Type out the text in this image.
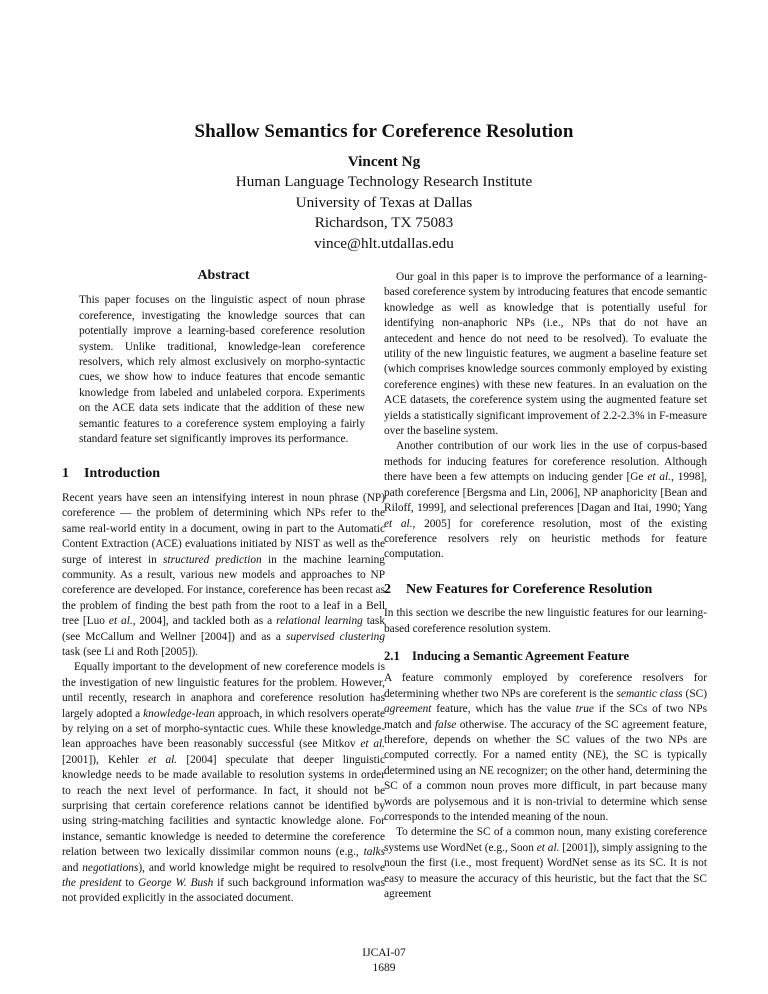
Shallow Semantics for Coreference Resolution
Vincent Ng
Human Language Technology Research Institute
University of Texas at Dallas
Richardson, TX 75083
vince@hlt.utdallas.edu
Abstract

This paper focuses on the linguistic aspect of noun phrase coreference, investigating the knowledge sources that can potentially improve a learning-based coreference resolution system. Unlike traditional, knowledge-lean coreference resolvers, which rely almost exclusively on morpho-syntactic cues, we show how to induce features that encode semantic knowledge from labeled and unlabeled corpora. Experiments on the ACE data sets indicate that the addition of these new semantic features to a coreference system employing a fairly standard feature set significantly improves its performance.

1 Introduction

Recent years have seen an intensifying interest in noun phrase (NP) coreference — the problem of determining which NPs refer to the same real-world entity in a document, owing in part to the Automatic Content Extraction (ACE) evaluations initiated by NIST as well as the surge of interest in structured prediction in the machine learning community. As a result, various new models and approaches to NP coreference are developed. For instance, coreference has been recast as the problem of finding the best path from the root to a leaf in a Bell tree [Luo et al., 2004], and tackled both as a relational learning task (see McCallum and Wellner [2004]) and as a supervised clustering task (see Li and Roth [2005]).

Equally important to the development of new coreference models is the investigation of new linguistic features for the problem. However, until recently, research in anaphora and coreference resolution has largely adopted a knowledge-lean approach, in which resolvers operate by relying on a set of morpho-syntactic cues. While these knowledge-lean approaches have been reasonably successful (see Mitkov et al. [2001]), Kehler et al. [2004] speculate that deeper linguistic knowledge needs to be made available to resolution systems in order to reach the next level of performance. In fact, it should not be surprising that certain coreference relations cannot be identified by using string-matching facilities and syntactic knowledge alone. For instance, semantic knowledge is needed to determine the coreference relation between two lexically dissimilar common nouns (e.g., talks and negotiations), and world knowledge might be required to resolve the president to George W. Bush if such background information was not provided explicitly in the associated document.

Our goal in this paper is to improve the performance of a learning-based coreference system by introducing features that encode semantic knowledge as well as knowledge that is potentially useful for identifying non-anaphoric NPs (i.e., NPs that do not have an antecedent and hence do not need to be resolved). To evaluate the utility of the new linguistic features, we augment a baseline feature set (which comprises knowledge sources commonly employed by existing coreference engines) with these new features. In an evaluation on the ACE datasets, the coreference system using the augmented feature set yields a statistically significant improvement of 2.2-2.3% in F-measure over the baseline system.

Another contribution of our work lies in the use of corpus-based methods for inducing features for coreference resolution. Although there have been a few attempts on inducing gender [Ge et al., 1998], path coreference [Bergsma and Lin, 2006], NP anaphoricity [Bean and Riloff, 1999], and selectional preferences [Dagan and Itai, 1990; Yang et al., 2005] for coreference resolution, most of the existing coreference resolvers rely on heuristic methods for feature computation.

2 New Features for Coreference Resolution

In this section we describe the new linguistic features for our learning-based coreference resolution system.

2.1 Inducing a Semantic Agreement Feature

A feature commonly employed by coreference resolvers for determining whether two NPs are coreferent is the semantic class (SC) agreement feature, which has the value true if the SCs of two NPs match and false otherwise. The accuracy of the SC agreement feature, therefore, depends on whether the SC values of the two NPs are computed correctly. For a named entity (NE), the SC is typically determined using an NE recognizer; on the other hand, determining the SC of a common noun proves more difficult, in part because many words are polysemous and it is non-trivial to determine which sense corresponds to the intended meaning of the noun.

To determine the SC of a common noun, many existing coreference systems use WordNet (e.g., Soon et al. [2001]), simply assigning to the noun the first (i.e., most frequent) WordNet sense as its SC. It is not easy to measure the accuracy of this heuristic, but the fact that the SC agreement

IJCAI-07
1689
